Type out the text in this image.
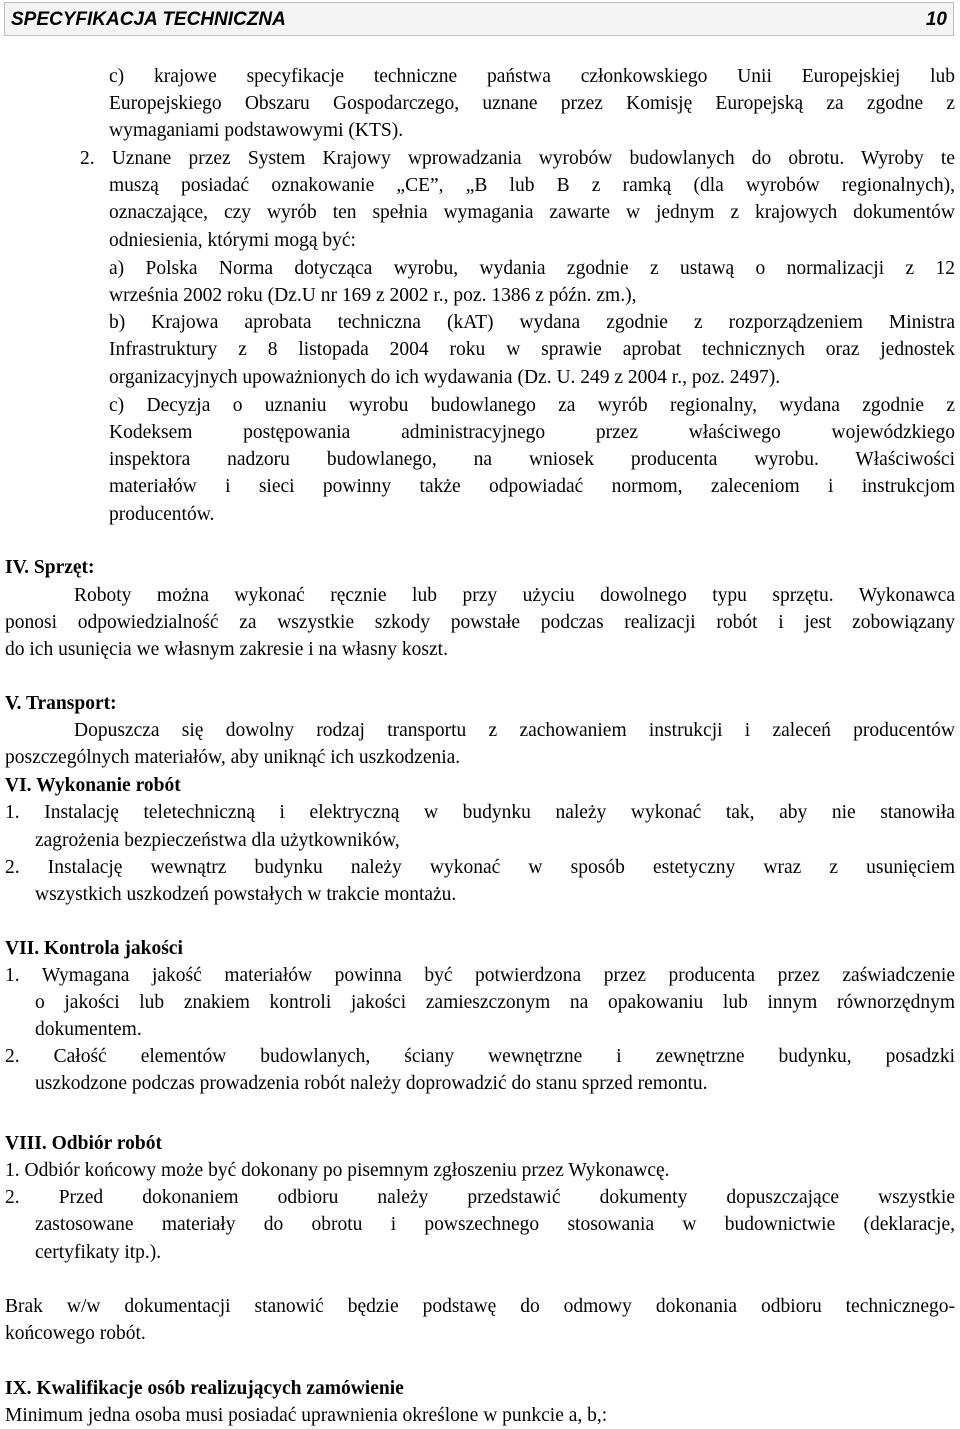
SPECYFIKACJA TECHNICZNA	10
c) krajowe specyfikacje techniczne państwa członkowskiego Unii Europejskiej lub
Europejskiego Obszaru Gospodarczego, uznane przez Komisję Europejską za zgodne z
wymaganiami podstawowymi (KTS).
2. Uznane przez System Krajowy wprowadzania wyrobów budowlanych do obrotu. Wyroby te
muszą posiadać oznakowanie „CE”, „B lub B z ramką (dla wyrobów regionalnych),
oznaczające, czy wyrób ten spełnia wymagania zawarte w jednym z krajowych dokumentów
odniesienia, którymi mogą być:
a) Polska Norma dotycząca wyrobu, wydania zgodnie z ustawą o normalizacji z 12
września 2002 roku (Dz.U nr 169 z 2002 r., poz. 1386 z późn. zm.),
b) Krajowa aprobata techniczna (kAT) wydana zgodnie z rozporządzeniem Ministra
Infrastruktury z 8 listopada 2004 roku w sprawie aprobat technicznych oraz jednostek
organizacyjnych upoważnionych do ich wydawania (Dz. U. 249 z 2004 r., poz. 2497).
c) Decyzja o uznaniu wyrobu budowlanego za wyrób regionalny, wydana zgodnie z
Kodeksem postępowania administracyjnego przez właściwego wojewódzkiego
inspektora nadzoru budowlanego, na wniosek producenta wyrobu. Właściwości
materiałów i sieci powinny także odpowiadać normom, zaleceniom i instrukcjom
producentów.
IV. Sprzęt:
Roboty można wykonać ręcznie lub przy użyciu dowolnego typu sprzętu. Wykonawca
ponosi odpowiedzialność za wszystkie szkody powstałe podczas realizacji robót i jest zobowiązany
do ich usunięcia we własnym zakresie i na własny koszt.
V. Transport:
Dopuszcza się dowolny rodzaj transportu z zachowaniem instrukcji i zaleceń producentów
poszczególnych materiałów, aby uniknąć ich uszkodzenia.
VI. Wykonanie robót
1. Instalację teletechniczną i elektryczną w budynku należy wykonać tak, aby nie stanowiła
zagrożenia bezpieczeństwa dla użytkowników,
2. Instalację wewnątrz budynku należy wykonać w sposób estetyczny wraz z usunięciem
wszystkich uszkodzeń powstałych w trakcie montażu.
VII. Kontrola jakości
1. Wymagana jakość materiałów powinna być potwierdzona przez producenta przez zaświadczenie
o jakości lub znakiem kontroli jakości zamieszczonym na opakowaniu lub innym równorzędnym
dokumentem.
2. Całość elementów budowlanych, ściany wewnętrzne i zewnętrzne budynku, posadzki
uszkodzone podczas prowadzenia robót należy doprowadzić do stanu sprzed remontu.
VIII. Odbiór robót
1. Odbiór końcowy może być dokonany po pisemnym zgłoszeniu przez Wykonawcę.
2. Przed dokonaniem odbioru należy przedstawić dokumenty dopuszczające wszystkie
zastosowane materiały do obrotu i powszechnego stosowania w budownictwie (deklaracje,
certyfikaty itp.).
Brak w/w dokumentacji stanowić będzie podstawę do odmowy dokonania odbioru technicznego-
końcowego robót.
IX. Kwalifikacje osób realizujących zamówienie
Minimum jedna osoba musi posiadać uprawnienia określone w punkcie a, b,:
